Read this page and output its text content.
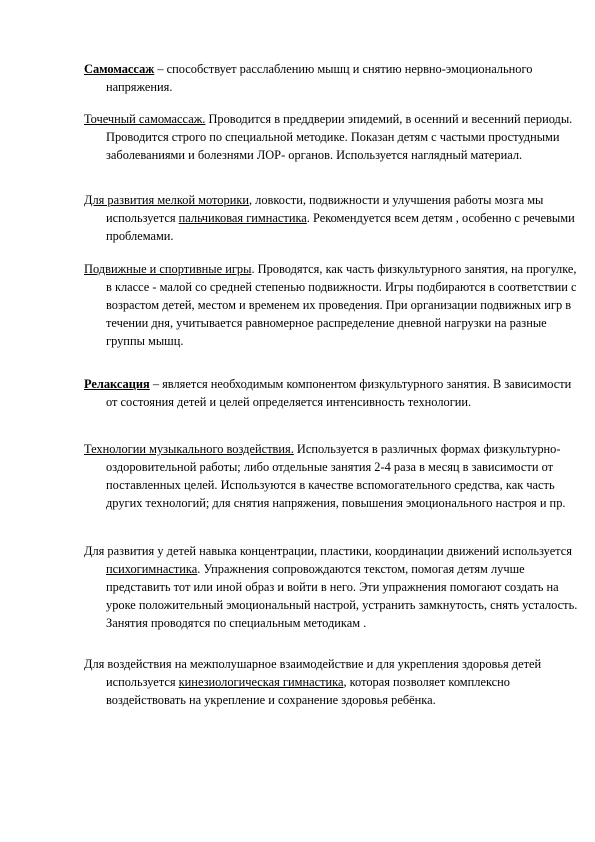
Самомассаж – способствует расслаблению мышц и снятию нервно-эмоционального напряжения.

Точечный самомассаж. Проводится в преддверии эпидемий, в осенний и весенний периоды. Проводится строго по специальной методике. Показан детям с частыми простудными заболеваниями и болезнями ЛОР- органов. Используется наглядный материал.

Для развития мелкой моторики, ловкости, подвижности и улучшения работы мозга мы используется пальчиковая гимнастика. Рекомендуется всем детям , особенно с речевыми проблемами.

Подвижные и спортивные игры. Проводятся, как часть физкультурного занятия, на прогулке, в классе - малой со средней степенью подвижности. Игры подбираются в соответствии с возрастом детей, местом и временем их проведения. При организации подвижных игр в течении дня, учитывается равномерное распределение дневной нагрузки на разные группы мышц.

Релаксация – является необходимым компонентом физкультурного занятия. В зависимости от состояния детей и целей определяется интенсивность технологии.

Технологии музыкального воздействия. Используется в различных формах физкультурно-оздоровительной работы; либо отдельные занятия 2-4 раза в месяц в зависимости от поставленных целей. Используются в качестве вспомогательного средства, как часть других технологий; для снятия напряжения, повышения эмоционального настроя и пр.

Для развития у детей навыка концентрации, пластики, координации движений используется психогимнастика. Упражнения сопровождаются текстом, помогая детям лучше представить тот или иной образ и войти в него. Эти упражнения помогают создать на уроке положительный эмоциональный настрой, устранить замкнутость, снять усталость. Занятия проводятся по специальным методикам .

Для воздействия на межполушарное взаимодействие и для укрепления здоровья детей используется кинезиологическая гимнастика, которая позволяет комплексно воздействовать на укрепление и сохранение здоровья ребёнка.
